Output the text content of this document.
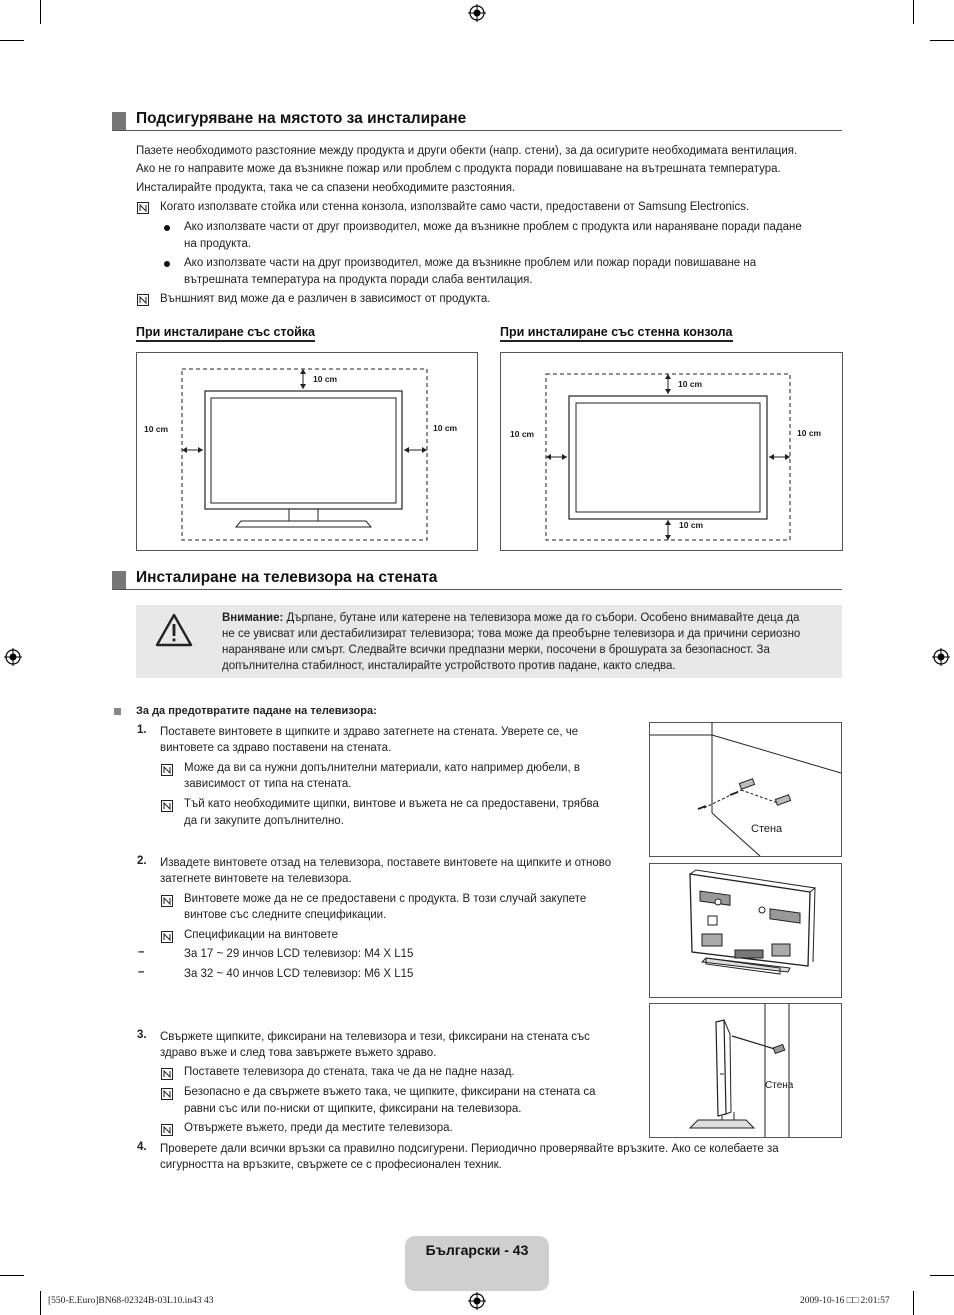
Подсигуряване на мястото за инсталиране
Пазете необходимото разстояние между продукта и други обекти (напр. стени), за да осигурите необходимата вентилация.
Ако не го направите може да възникне пожар или проблем с продукта поради повишаване на вътрешната температура.
Инсталирайте продукта, така че са спазени необходимите разстояния.
Когато използвате стойка или стенна конзола, използвайте само части, предоставени от Samsung Electronics.
Ако използвате части от друг производител, може да възникне проблем с продукта или нараняване поради падане
на продукта.
Ако използвате части на друг производител, може да възникне проблем или пожар поради повишаване на
вътрешната температура на продукта поради слаба вентилация.
Външният вид може да е различен в зависимост от продукта.
При инсталиране със стойка	При инсталиране със стенна конзола
10 cm
10 cm	10 cm
10 cm
10 cm	10 cm
10 cm
Инсталиране на телевизора на стената
Внимание: Дърпане, бутане или катерене на телевизора може да го събори. Особено внимавайте деца да
не се увисват или дестабилизират телевизора; това може да преобърне телевизора и да причини сериозно
нараняване или смърт. Следвайте всички предпазни мерки, посочени в брошурата за безопасност. За
допълнителна стабилност, инсталирайте устройството против падане, както следва.
За да предотвратите падане на телевизора:
1. Поставете винтовете в щипките и здраво затегнете на стената. Уверете се, че
винтовете са здраво поставени на стената.
Може да ви са нужни допълнителни материали, като например дюбели, в
зависимост от типа на стената.
Тъй като необходимите щипки, винтове и въжета не са предоставени, трябва
да ги закупите допълнително.
Стена
2. Извадете винтовете отзад на телевизора, поставете винтовете на щипките и отново
затегнете винтовете на телевизора.
Винтовете може да не се предоставени с продукта. В този случай закупете
винтове със следните спецификации.
Спецификации на винтовете
–	За 17 ~ 29 инчов LCD телевизор: M4 X L15
–	За 32 ~ 40 инчов LCD телевизор: M6 X L15
3. Свържете щипките, фиксирани на телевизора и тези, фиксирани на стената със
здраво въже и след това завържете въжето здраво.
Поставете телевизора до стената, така че да не падне назад.
Безопасно е да свържете въжето така, че щипките, фиксирани на стената са
равни със или по-ниски от щипките, фиксирани на телевизора.
Отвържете въжето, преди да местите телевизора.
Стена
4. Проверете дали всички връзки са правилно подсигурени. Периодично проверявайте връзките. Ако се колебаете за
сигурността на връзките, свържете се с професионален техник.
Български - 43
[550-E.Euro]BN68-02324B-03L10.in43 43	2009-10-16 □□ 2:01:57
